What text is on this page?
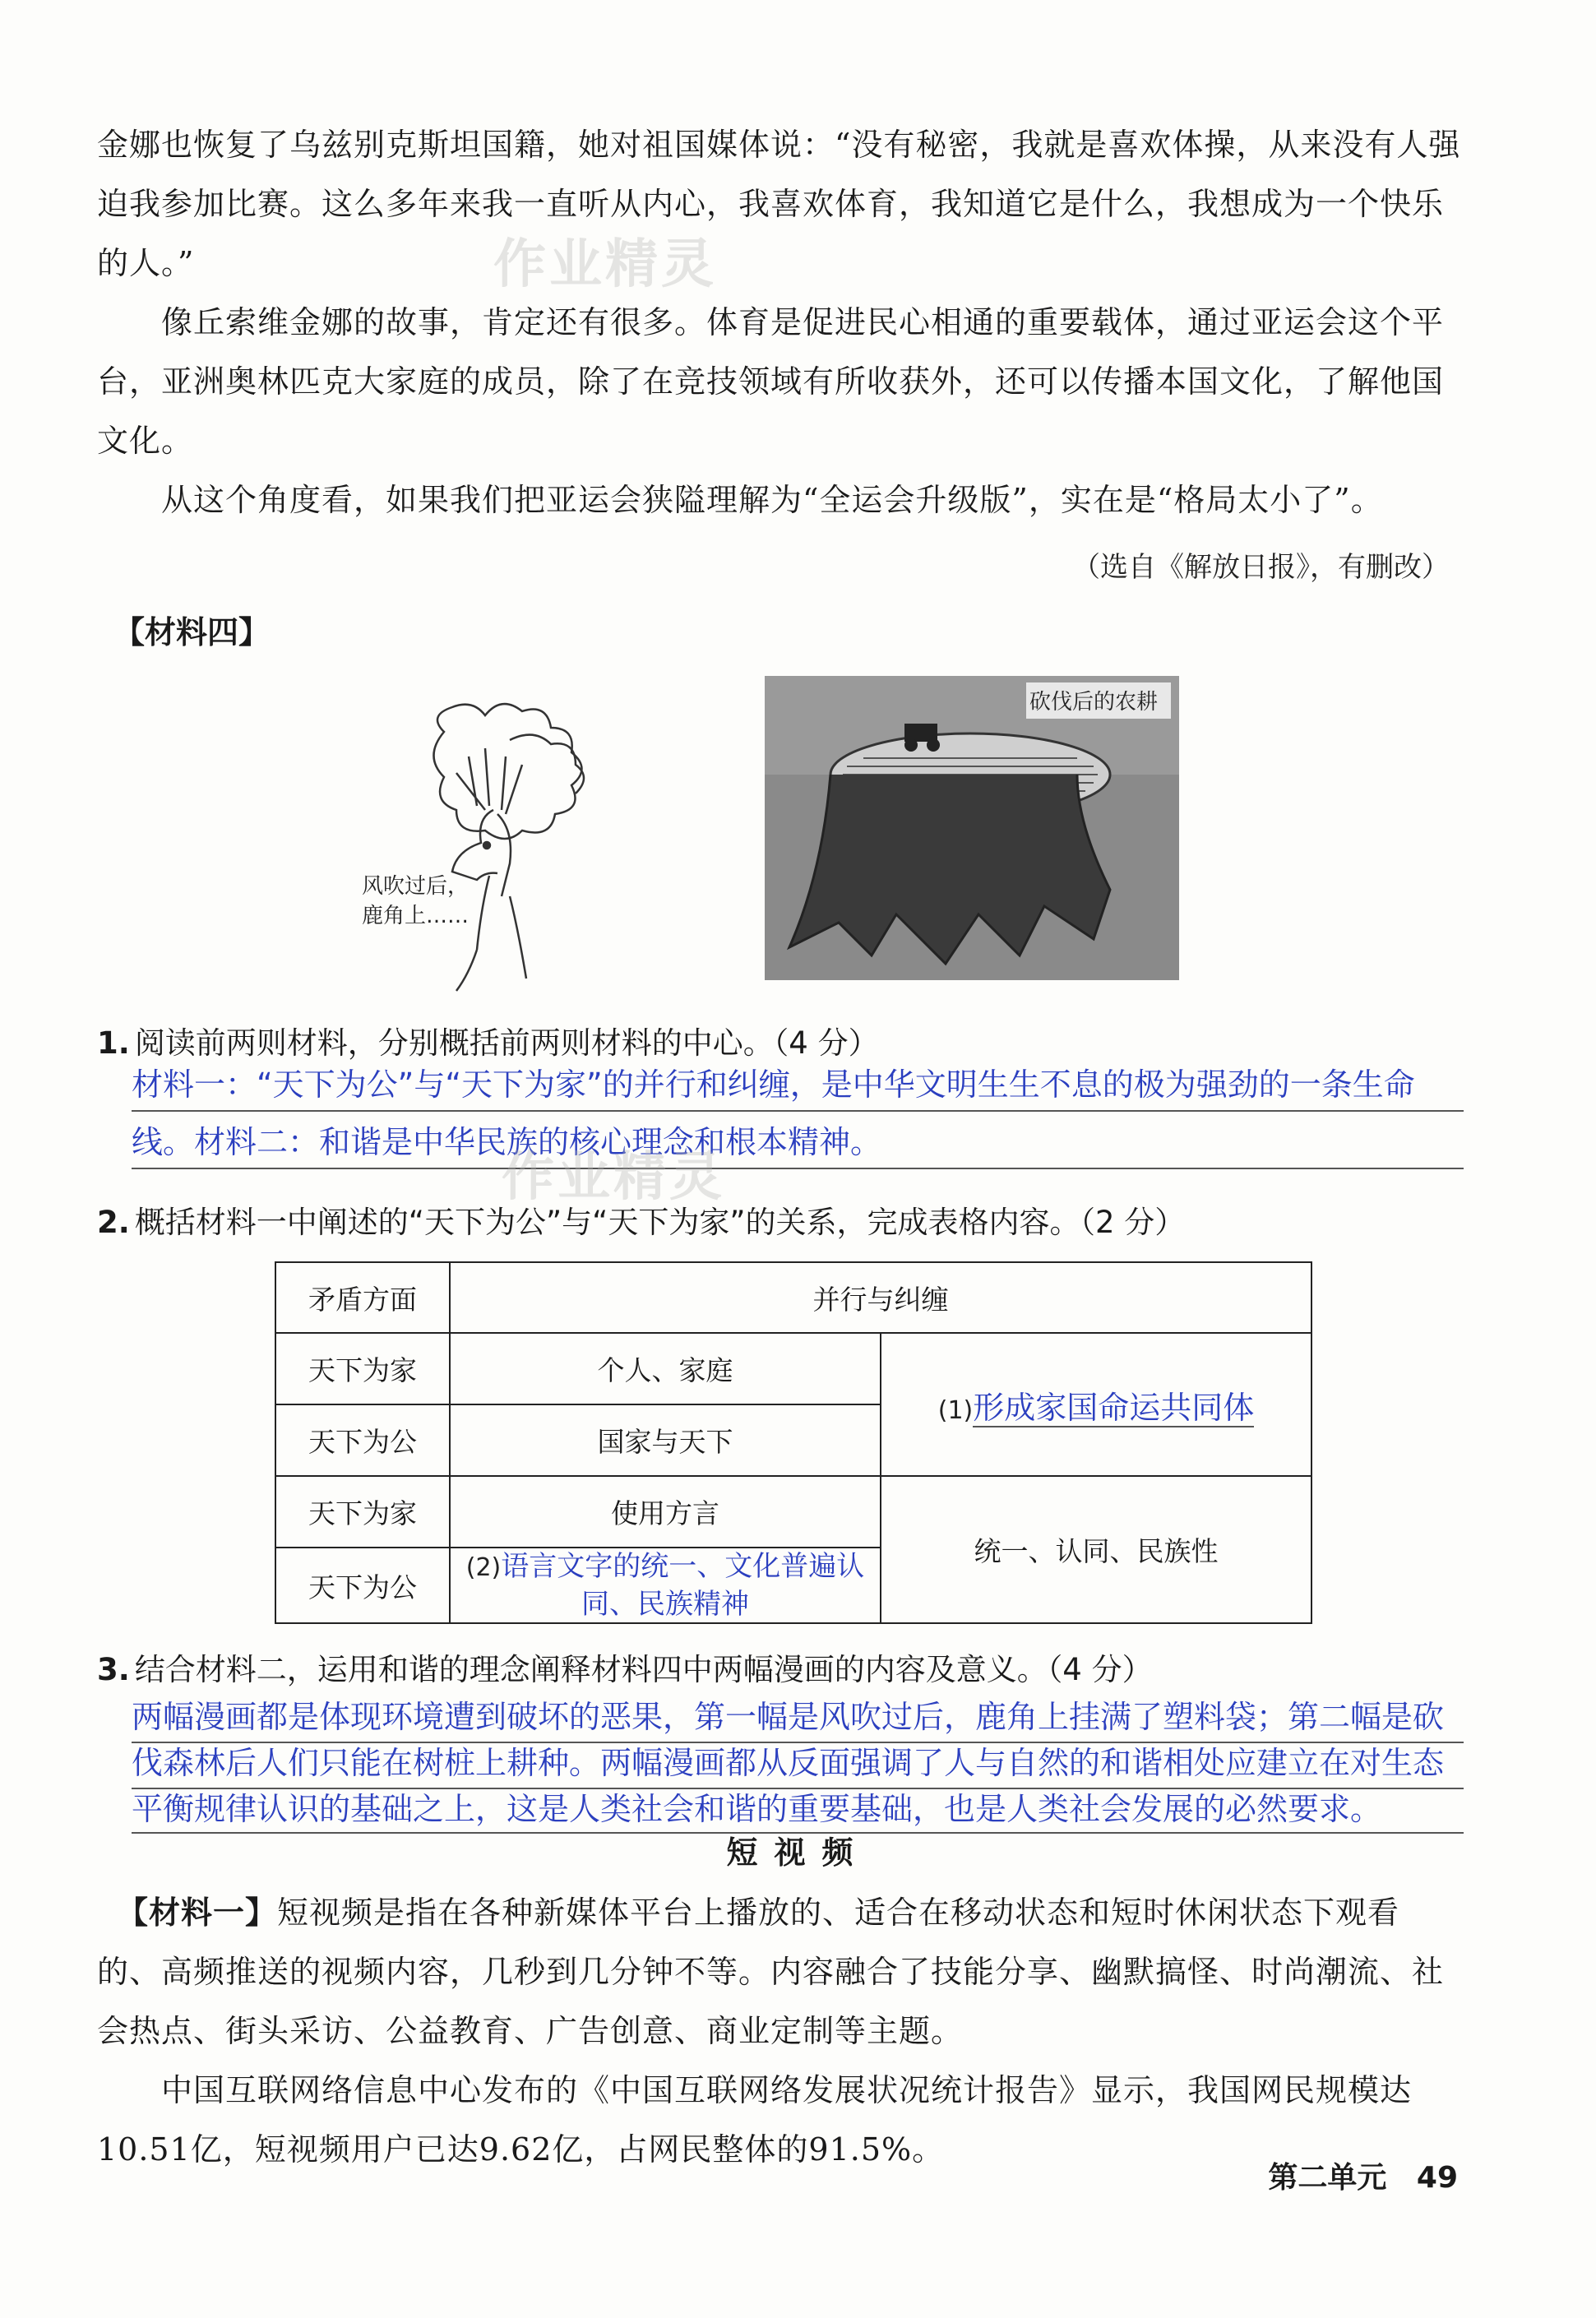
金娜也恢复了乌兹别克斯坦国籍，她对祖国媒体说：“没有秘密，我就是喜欢体操，从来没有人强迫我参加比赛。这么多年来我一直听从内心，我喜欢体育，我知道它是什么，我想成为一个快乐的人。”
像丘索维金娜的故事，肯定还有很多。体育是促进民心相通的重要载体，通过亚运会这个平台，亚洲奥林匹克大家庭的成员，除了在竞技领域有所收获外，还可以传播本国文化，了解他国文化。
从这个角度看，如果我们把亚运会狭隘理解为“全运会升级版”，实在是“格局太小了”。
（选自《解放日报》，有删改）
作业精灵
【材料四】
风吹过后，鹿角上……
砍伐后的农耕
1. 阅读前两则材料，分别概括前两则材料的中心。（4 分）
材料一：“天下为公”与“天下为家”的并行和纠缠，是中华文明生生不息的极为强劲的一条生命线。材料二：和谐是中华民族的核心理念和根本精神。
作业精灵
2. 概括材料一中阐述的“天下为公”与“天下为家”的关系，完成表格内容。（2 分）
矛盾方面	并行与纠缠	
天下为家	个人、家庭	(1)形成家国命运共同体
天下为公	国家与天下	
天下为家	使用方言	统一、认同、民族性
天下为公	(2)语言文字的统一、文化普遍认同、民族精神	
3. 结合材料二，运用和谐的理念阐释材料四中两幅漫画的内容及意义。（4 分）
两幅漫画都是体现环境遭到破坏的恶果，第一幅是风吹过后，鹿角上挂满了塑料袋；第二幅是砍伐森林后人们只能在树桩上耕种。两幅漫画都从反面强调了人与自然的和谐相处应建立在对生态平衡规律认识的基础之上，这是人类社会和谐的重要基础，也是人类社会发展的必然要求。
短视频
【材料一】短视频是指在各种新媒体平台上播放的、适合在移动状态和短时休闲状态下观看的、高频推送的视频内容，几秒到几分钟不等。内容融合了技能分享、幽默搞怪、时尚潮流、社会热点、街头采访、公益教育、广告创意、商业定制等主题。
中国互联网络信息中心发布的《中国互联网络发展状况统计报告》显示，我国网民规模达10.51亿，短视频用户已达9.62亿，占网民整体的91.5%。
第二单元 49
